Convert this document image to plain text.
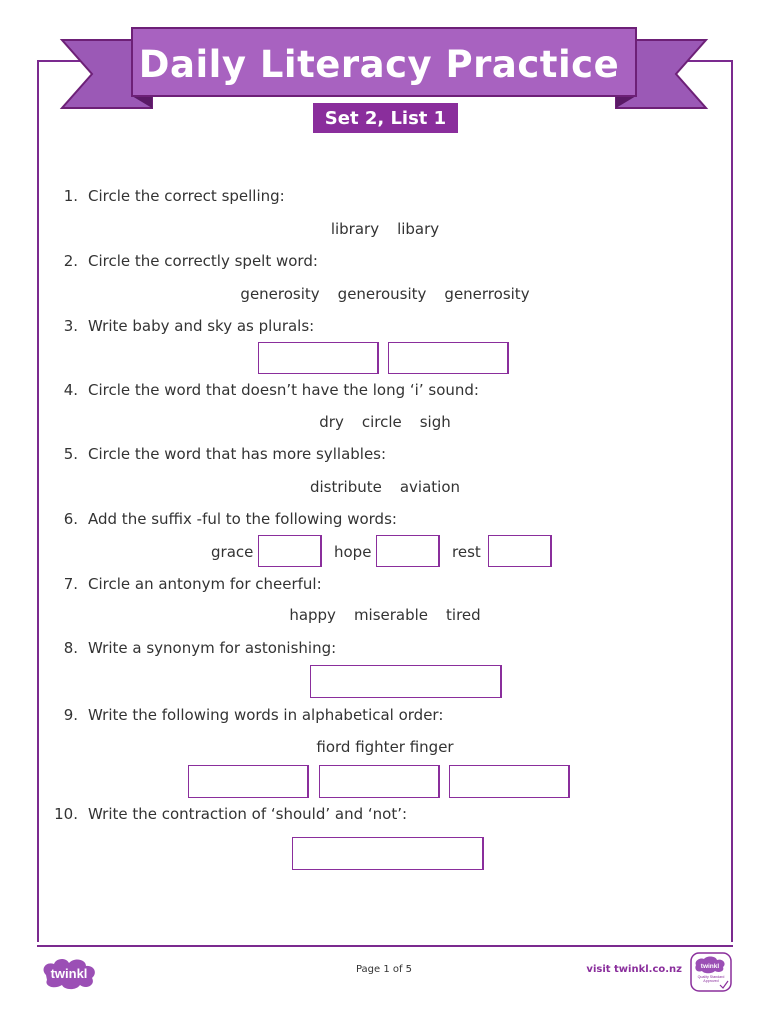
Daily Literacy Practice
Set 2, List 1
1. Circle the correct spelling:
library libary
2. Circle the correctly spelt word:
generosity generousity generrosity
3. Write baby and sky as plurals:
4. Circle the word that doesn’t have the long ‘i’ sound:
dry circle sigh
5. Circle the word that has more syllables:
distribute aviation
6. Add the suffix -ful to the following words:
grace	hope	rest
7. Circle an antonym for cheerful:
happy miserable tired
8. Write a synonym for astonishing:
9. Write the following words in alphabetical order:
fiord fighter finger
10. Write the contraction of ‘should’ and ‘not’:
twinkl	Page 1 of 5	visit twinkl.co.nz	twinkl
Quality Standard Approved
